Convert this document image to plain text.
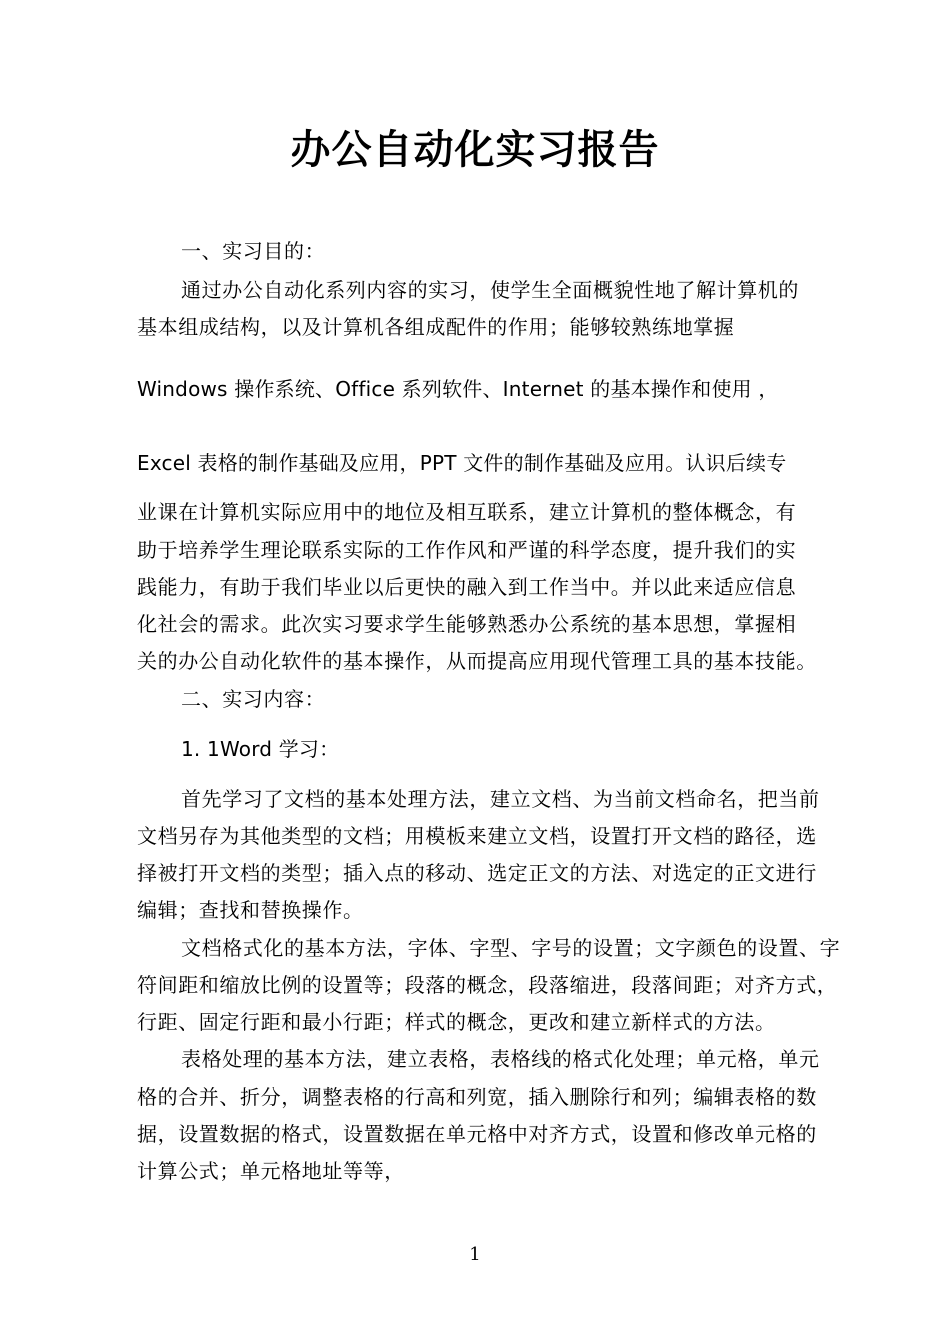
办公自动化实习报告
一、实习目的：
通过办公自动化系列内容的实习，使学生全面概貌性地了解计算机的
基本组成结构，以及计算机各组成配件的作用；能够较熟练地掌握
Windows 操作系统、Office 系列软件、Internet 的基本操作和使用 ，
Excel 表格的制作基础及应用，PPT 文件的制作基础及应用。认识后续专
业课在计算机实际应用中的地位及相互联系，建立计算机的整体概念，有
助于培养学生理论联系实际的工作作风和严谨的科学态度，提升我们的实
践能力，有助于我们毕业以后更快的融入到工作当中。并以此来适应信息
化社会的需求。此次实习要求学生能够熟悉办公系统的基本思想，掌握相
关的办公自动化软件的基本操作，从而提高应用现代管理工具的基本技能。
二、实习内容：
1. 1Word 学习：
首先学习了文档的基本处理方法，建立文档、为当前文档命名，把当前
文档另存为其他类型的文档；用模板来建立文档，设置打开文档的路径，选
择被打开文档的类型；插入点的移动、选定正文的方法、对选定的正文进行
编辑；查找和替换操作。
文档格式化的基本方法，字体、字型、字号的设置；文字颜色的设置、字
符间距和缩放比例的设置等；段落的概念，段落缩进，段落间距；对齐方式，
行距、固定行距和最小行距；样式的概念，更改和建立新样式的方法。
表格处理的基本方法，建立表格，表格线的格式化处理；单元格，单元
格的合并、折分，调整表格的行高和列宽，插入删除行和列；编辑表格的数
据，设置数据的格式，设置数据在单元格中对齐方式，设置和修改单元格的
计算公式；单元格地址等等，
1
